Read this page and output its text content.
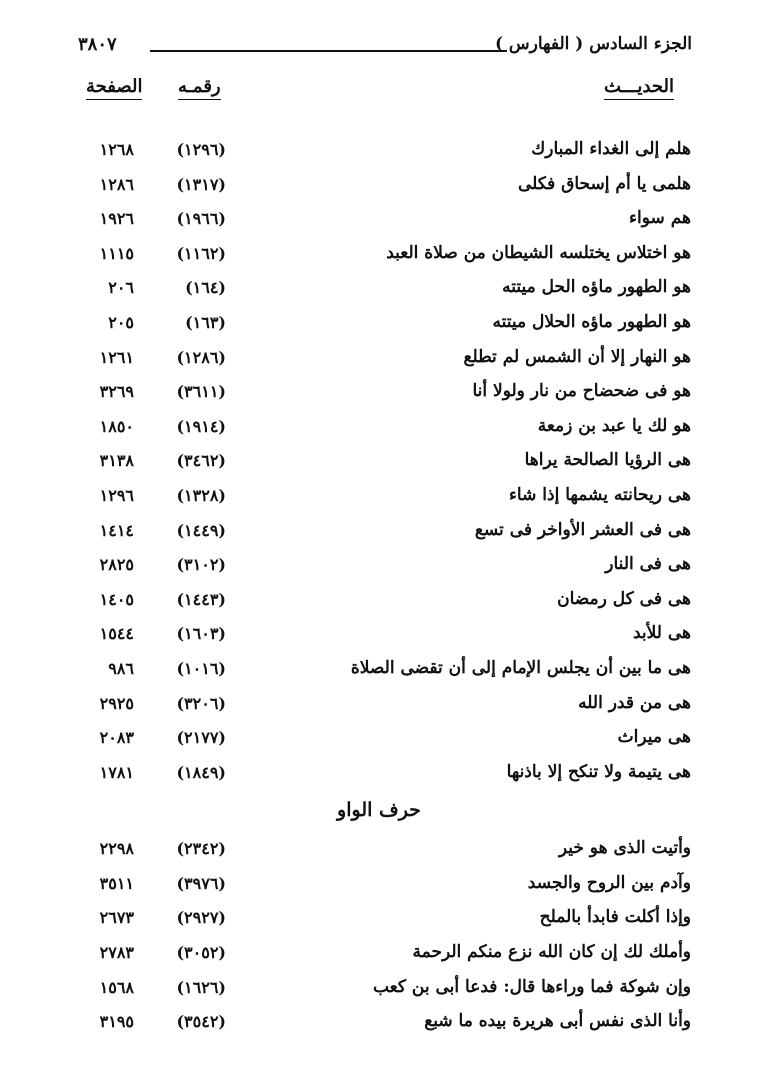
الجزء السادس ( الفهارس )
٣٨٠٧
الحديـــث
رقمـه
الصفحة
هلم إلى الغداء المبارك
(١٢٩٦)
١٢٦٨
هلمى يا أم إسحاق فكلى
(١٣١٧)
١٢٨٦
هم سواء
(١٩٦٦)
١٩٢٦
هو اختلاس يختلسه الشيطان من صلاة العبد
(١١٦٢)
١١١٥
هو الطهور ماؤه الحل ميتته
(١٦٤)
٢٠٦
هو الطهور ماؤه الحلال ميتته
(١٦٣)
٢٠٥
هو النهار إلا أن الشمس لم تطلع
(١٢٨٦)
١٢٦١
هو فى ضحضاح من نار ولولا أنا
(٣٦١١)
٣٢٦٩
هو لك يا عبد بن زمعة
(١٩١٤)
١٨٥٠
هى الرؤيا الصالحة يراها
(٣٤٦٢)
٣١٣٨
هى ريحانته يشمها إذا شاء
(١٣٢٨)
١٢٩٦
هى فى العشر الأواخر فى تسع
(١٤٤٩)
١٤١٤
هى فى النار
(٣١٠٢)
٢٨٢٥
هى فى كل رمضان
(١٤٤٣)
١٤٠٥
هى للأبد
(١٦٠٣)
١٥٤٤
هى ما بين أن يجلس الإمام إلى أن تقضى الصلاة
(١٠١٦)
٩٨٦
هى من قدر الله
(٣٢٠٦)
٢٩٢٥
هى ميراث
(٢١٧٧)
٢٠٨٣
هى يتيمة ولا تنكح إلا باذنها
(١٨٤٩)
١٧٨١
حرف الواو
وأتيت الذى هو خير
(٢٣٤٢)
٢٢٩٨
وآدم بين الروح والجسد
(٣٩٧٦)
٣٥١١
وإذا أكلت فابدأ بالملح
(٢٩٢٧)
٢٦٧٣
وأملك لك إن كان الله نزع منكم الرحمة
(٣٠٥٢)
٢٧٨٣
وإن شوكة فما وراءها قال: فدعا أبى بن كعب
(١٦٢٦)
١٥٦٨
وأنا الذى نفس أبى هريرة بيده ما شبع
(٣٥٤٢)
٣١٩٥
